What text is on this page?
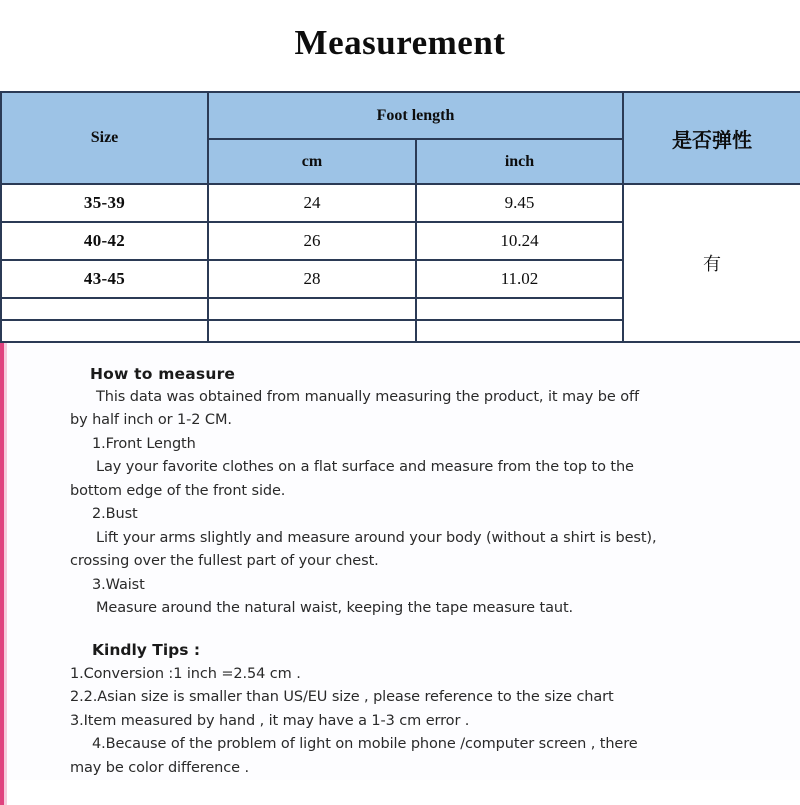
Measurement
Size	Foot length		是否弹性
	cm	inch	
35-39	24	9.45	有
40-42	26	10.24	
43-45	28	11.02	

How to measure

This data was obtained from manually measuring the product, it may be off by half inch or 1-2 CM.

1.Front Length

Lay your favorite clothes on a flat surface and measure from the top to the bottom edge of the front side.

2.Bust

Lift your arms slightly and measure around your body (without a shirt is best), crossing over the fullest part of your chest.

3.Waist

Measure around the natural waist, keeping the tape measure taut.

Kindly Tips :

1.Conversion :1 inch =2.54 cm .

2.2.Asian size is smaller than US/EU size , please reference to the size chart

3.Item measured by hand , it may have a 1-3 cm error .

4.Because of the problem of light on mobile phone /computer screen , there may be color difference .
